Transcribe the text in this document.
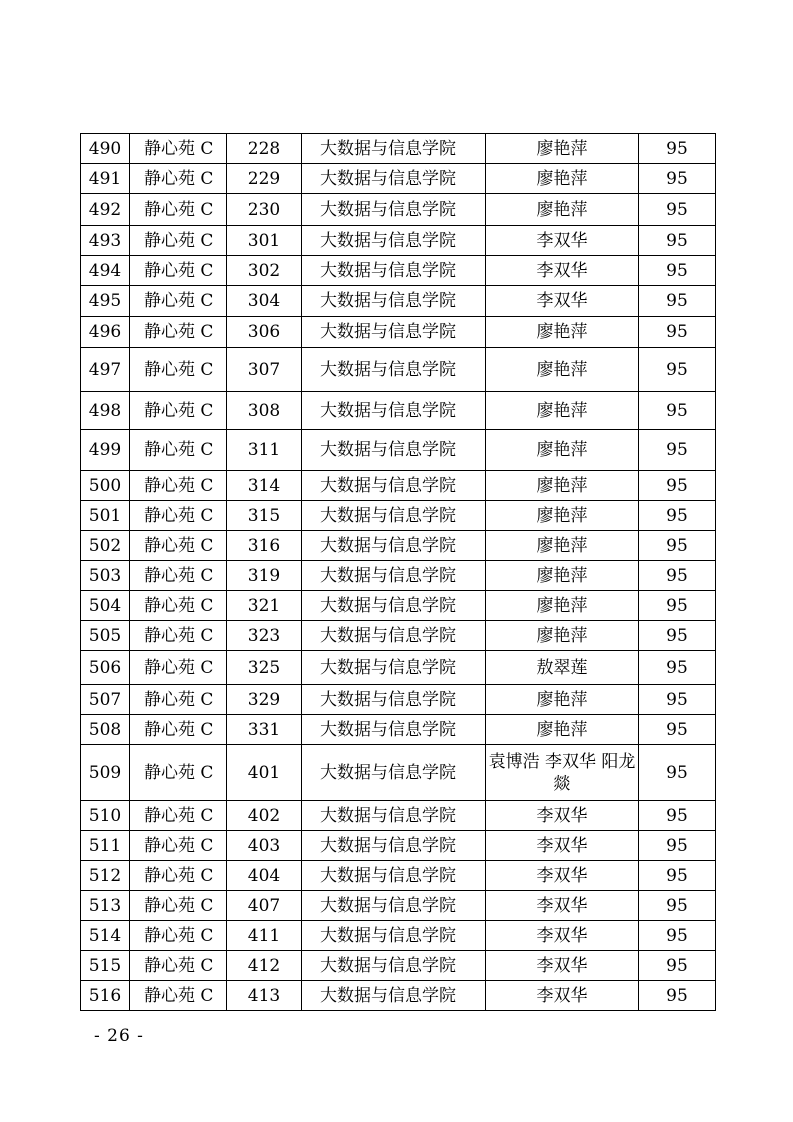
490	静心苑 C	228	大数据与信息学院	廖艳萍	95
491	静心苑 C	229	大数据与信息学院	廖艳萍	95
492	静心苑 C	230	大数据与信息学院	廖艳萍	95
493	静心苑 C	301	大数据与信息学院	李双华	95
494	静心苑 C	302	大数据与信息学院	李双华	95
495	静心苑 C	304	大数据与信息学院	李双华	95
496	静心苑 C	306	大数据与信息学院	廖艳萍	95
497	静心苑 C	307	大数据与信息学院	廖艳萍	95
498	静心苑 C	308	大数据与信息学院	廖艳萍	95
499	静心苑 C	311	大数据与信息学院	廖艳萍	95
500	静心苑 C	314	大数据与信息学院	廖艳萍	95
501	静心苑 C	315	大数据与信息学院	廖艳萍	95
502	静心苑 C	316	大数据与信息学院	廖艳萍	95
503	静心苑 C	319	大数据与信息学院	廖艳萍	95
504	静心苑 C	321	大数据与信息学院	廖艳萍	95
505	静心苑 C	323	大数据与信息学院	廖艳萍	95
506	静心苑 C	325	大数据与信息学院	敖翠莲	95
507	静心苑 C	329	大数据与信息学院	廖艳萍	95
508	静心苑 C	331	大数据与信息学院	廖艳萍	95
509	静心苑 C	401	大数据与信息学院	袁博浩 李双华 阳龙燚	95
510	静心苑 C	402	大数据与信息学院	李双华	95
511	静心苑 C	403	大数据与信息学院	李双华	95
512	静心苑 C	404	大数据与信息学院	李双华	95
513	静心苑 C	407	大数据与信息学院	李双华	95
514	静心苑 C	411	大数据与信息学院	李双华	95
515	静心苑 C	412	大数据与信息学院	李双华	95
516	静心苑 C	413	大数据与信息学院	李双华	95
- 26 -
